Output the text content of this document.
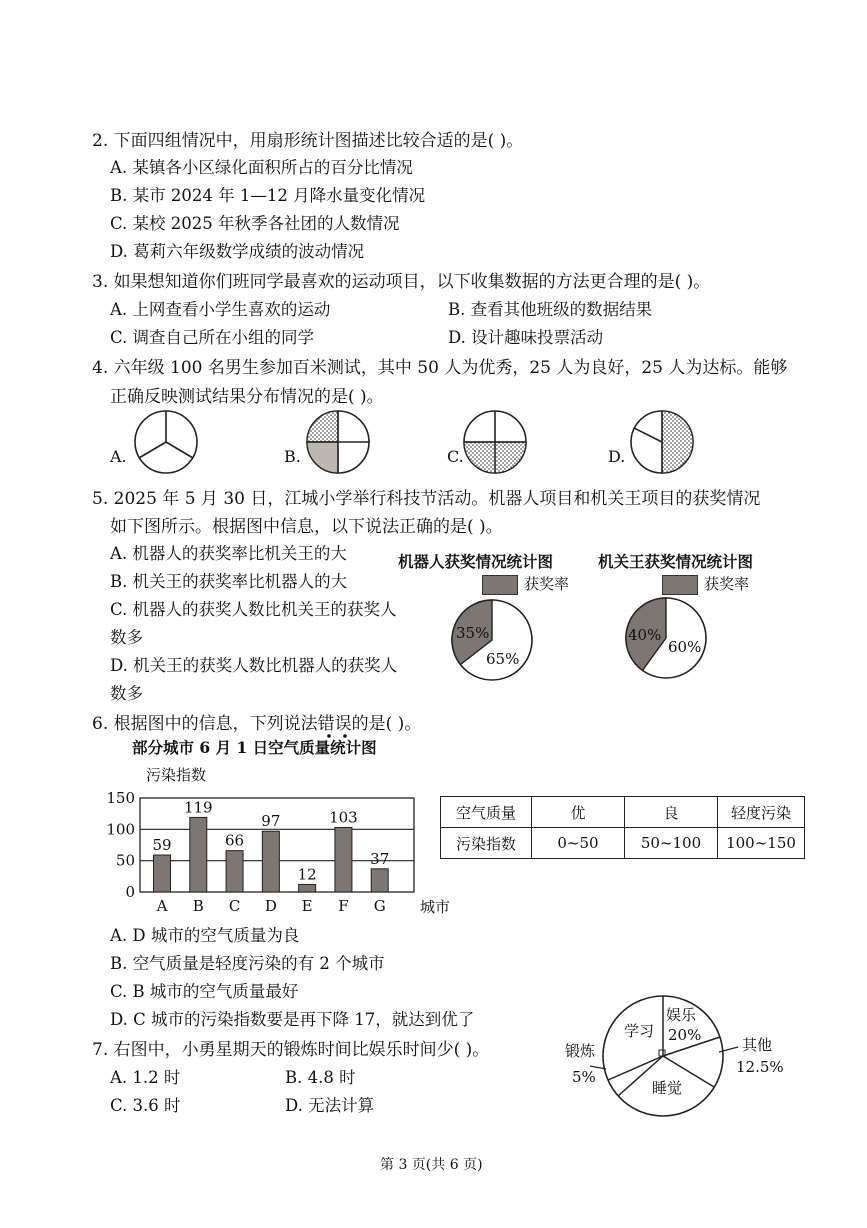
2. 下面四组情况中，用扇形统计图描述比较合适的是( )。
A. 某镇各小区绿化面积所占的百分比情况
B. 某市 2024 年 1—12 月降水量变化情况
C. 某校 2025 年秋季各社团的人数情况
D. 葛莉六年级数学成绩的波动情况
3. 如果想知道你们班同学最喜欢的运动项目，以下收集数据的方法更合理的是( )。
A. 上网查看小学生喜欢的运动	B. 查看其他班级的数据结果
C. 调查自己所在小组的同学	D. 设计趣味投票活动
4. 六年级 100 名男生参加百米测试，其中 50 人为优秀，25 人为良好，25 人为达标。能够
正确反映测试结果分布情况的是( )。
A.	B.	C.	D.
5. 2025 年 5 月 30 日，江城小学举行科技节活动。机器人项目和机关王项目的获奖情况
如下图所示。根据图中信息，以下说法正确的是( )。
A. 机器人的获奖率比机关王的大
B. 机关王的获奖率比机器人的大
C. 机器人的获奖人数比机关王的获奖人
数多
D. 机关王的获奖人数比机器人的获奖人
数多
机器人获奖情况统计图
获奖率
35%
65%
机关王获奖情况统计图
获奖率
40%
60%
6. 根据图中的信息，下列说法错误的是( )。
部分城市 6 月 1 日空气质量统计图
污染指数
0
50
100
150
59
A
119
B
66
C
97
D
12
E
103
F
37
G 城市
空气质量	优	良	轻度污染
污染指数	0~50	50~100	100~150
A. D 城市的空气质量为良
B. 空气质量是轻度污染的有 2 个城市
C. B 城市的空气质量最好
D. C 城市的污染指数要是再下降 17，就达到优了
7. 右图中，小勇星期天的锻炼时间比娱乐时间少( )。
A. 1.2 时	B. 4.8 时
C. 3.6 时	D. 无法计算
学习
娱乐
20%
睡觉
锻炼
5%
其他
12.5%
第 3 页(共 6 页)
